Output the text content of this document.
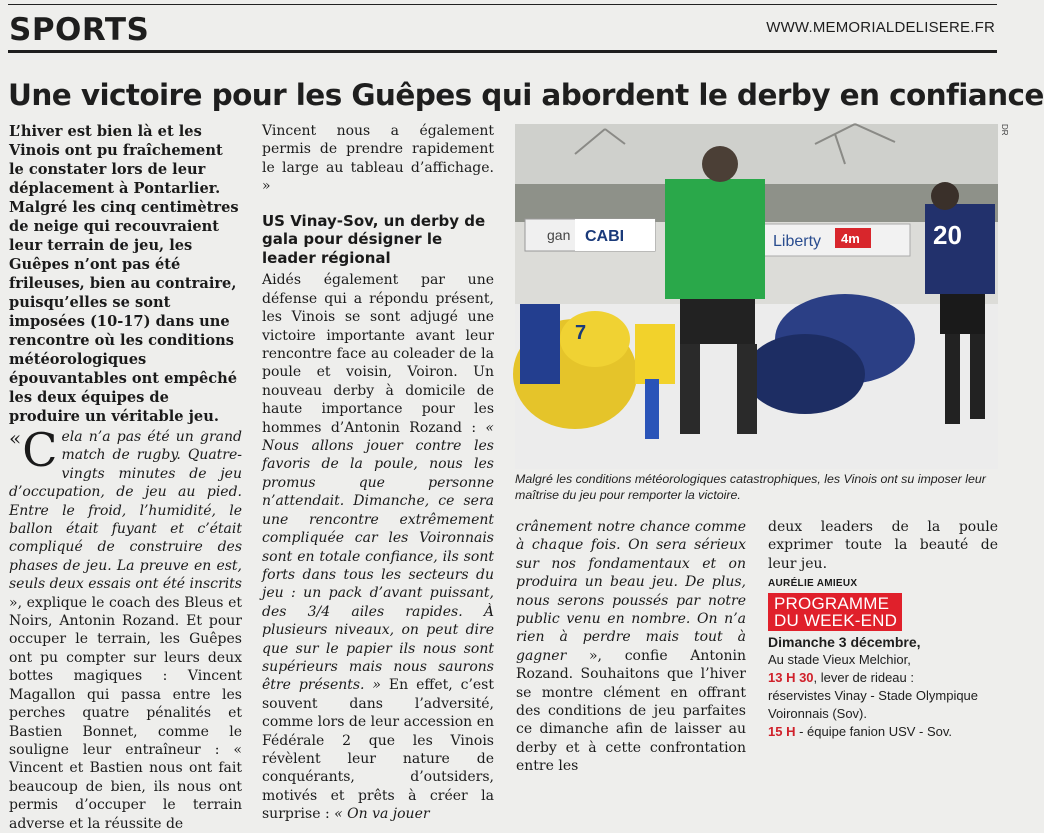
SPORTS	WWW.MEMORIALDELISERE.FR
Une victoire pour les Guêpes qui abordent le derby en confiance

L’hiver est bien là et les Vinois ont pu fraîchement le constater lors de leur déplacement à Pontarlier. Malgré les cinq centimètres de neige qui recouvraient leur terrain de jeu, les Guêpes n’ont pas été frileuses, bien au contraire, puisqu’elles se sont imposées (10-17) dans une rencontre où les conditions météorologiques épouvantables ont empêché les deux équipes de produire un véritable jeu.

« C ela n’a pas été un grand match de rugby. Quatre-vingts minutes de jeu d’occupation, de jeu au pied. Entre le froid, l’humidité, le ballon était fuyant et c’était compliqué de construire des phases de jeu. La preuve en est, seuls deux essais ont été inscrits », explique le coach des Bleus et Noirs, Antonin Rozand. Et pour occuper le terrain, les Guêpes ont pu compter sur leurs deux bottes magiques : Vincent Magallon qui passa entre les perches quatre pénalités et Bastien Bonnet, comme le souligne leur entraîneur : « Vincent et Bastien nous ont fait beaucoup de bien, ils nous ont permis d’occuper le terrain adverse et la réussite de

Vincent nous a également permis de prendre rapidement le large au tableau d’affichage. »

US Vinay-Sov, un derby de gala pour désigner le leader régional

Aidés également par une défense qui a répondu présent, les Vinois se sont adjugé une victoire importante avant leur rencontre face au coleader de la poule et voisin, Voiron. Un nouveau derby à domicile de haute importance pour les hommes d’Antonin Rozand : « Nous allons jouer contre les favoris de la poule, nous les promus que personne n’attendait. Dimanche, ce sera une rencontre extrêmement compliquée car les Voironnais sont en totale confiance, ils sont forts dans tous les secteurs du jeu : un pack d’avant puissant, des 3/4 ailes rapides. À plusieurs niveaux, on peut dire que sur le papier ils nous sont supérieurs mais nous saurons être présents. » En effet, c’est souvent dans l’adversité, comme lors de leur accession en Fédérale 2 que les Vinois révèlent leur nature de conquérants, d’outsiders, motivés et prêts à créer la surprise : « On va jouer

gan CABI	Liberty 4m
7
20
DR

Malgré les conditions météorologiques catastrophiques, les Vinois ont su imposer leur maîtrise du jeu pour remporter la victoire.

crânement notre chance comme à chaque fois. On sera sérieux sur nos fondamentaux et on produira un beau jeu. De plus, nous serons poussés par notre public venu en nombre. On n’a rien à perdre mais tout à gagner », confie Antonin Rozand. Souhaitons que l’hiver se montre clément en offrant des conditions de jeu parfaites ce dimanche afin de laisser au derby et à cette confrontation entre les

deux leaders de la poule exprimer toute la beauté de leur jeu.

AURÉLIE AMIEUX

PROGRAMME
DU WEEK-END
Dimanche 3 décembre,
Au stade Vieux Melchior,
13 H 30, lever de rideau :
réservistes Vinay - Stade Olympique Voironnais (Sov).
15 H - équipe fanion USV - Sov.
